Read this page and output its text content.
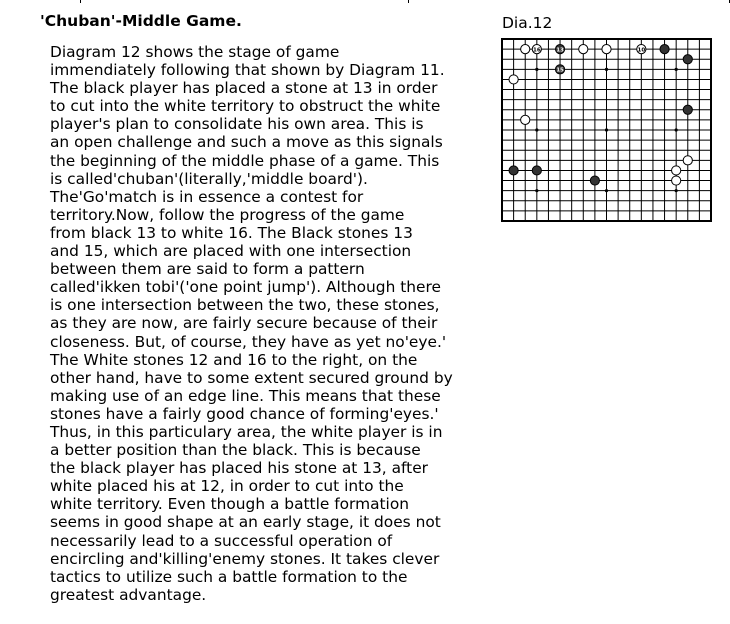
'Chuban'-Middle Game.
Diagram 12 shows the stage of game
immendiately following that shown by Diagram 11.
The black player has placed a stone at 13 in order
to cut into the white territory to obstruct the white
player's plan to consolidate his own area. This is
an open challenge and such a move as this signals
the beginning of the middle phase of a game. This
is called'chuban'(literally,'middle board').
The'Go'match is in essence a contest for
territory.Now, follow the progress of the game
from black 13 to white 16. The Black stones 13
and 15, which are placed with one intersection
between them are said to form a pattern
called'ikken tobi'('one point jump'). Although there
is one intersection between the two, these stones,
as they are now, are fairly secure because of their
closeness. But, of course, they have as yet no'eye.'
The White stones 12 and 16 to the right, on the
other hand, have to some extent secured ground by
making use of an edge line. This means that these
stones have a fairly good chance of forming'eyes.'
Thus, in this particulary area, the white player is in
a better position than the black. This is because
the black player has placed his stone at 13, after
white placed his at 12, in order to cut into the
white territory. Even though a battle formation
seems in good shape at an early stage, it does not
necessarily lead to a successful operation of
encircling and'killing'enemy stones. It takes clever
tactics to utilize such a battle formation to the
greatest advantage.
Dia.12
16	13	10
15
